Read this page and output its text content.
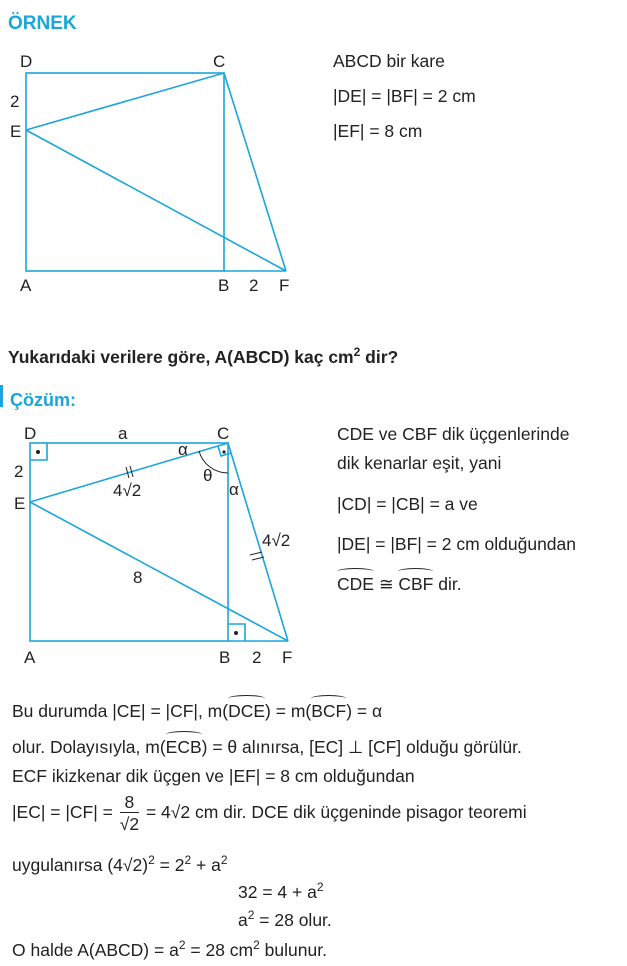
ÖRNEK
D	C
2
E
A	B 2 F
ABCD bir kare
|DE| = |BF| = 2 cm
|EF| = 8 cm
Yukarıdaki verilere göre, A(ABCD) kaç $cm^2$ dir?
Çözüm:
D	a	C
2
E
A	B 2 F
4√2
4√2
8
α
θ
α
CDE ve CBF dik üçgenlerinde
dik kenarlar eşit, yani
|CD| = |CB| = a ve
|DE| = |BF| = 2 cm olduğundan
CDE ≅ CBF dir.
Bu durumda |CE| = |CF|, m(DCE) = m(BCF) = α
olur. Dolayısıyla, m(ECB) = θ alınırsa, [EC] ⊥ [CF] olduğu görülür.
ECF ikizkenar dik üçgen ve |EF| = 8 cm olduğundan
$|EC| = |CF| = \frac{8}{√2} = 4√2$ cm dir. DCE dik üçgeninde pisagor teoremi
uygulanırsa $(4√2)^2 = 2^2 + a^2$
$32 = 4 + a^2$
$a^2 = 28$ olur.
O halde A(ABCD) = $a^2 = 28$ $cm^2$ bulunur.
